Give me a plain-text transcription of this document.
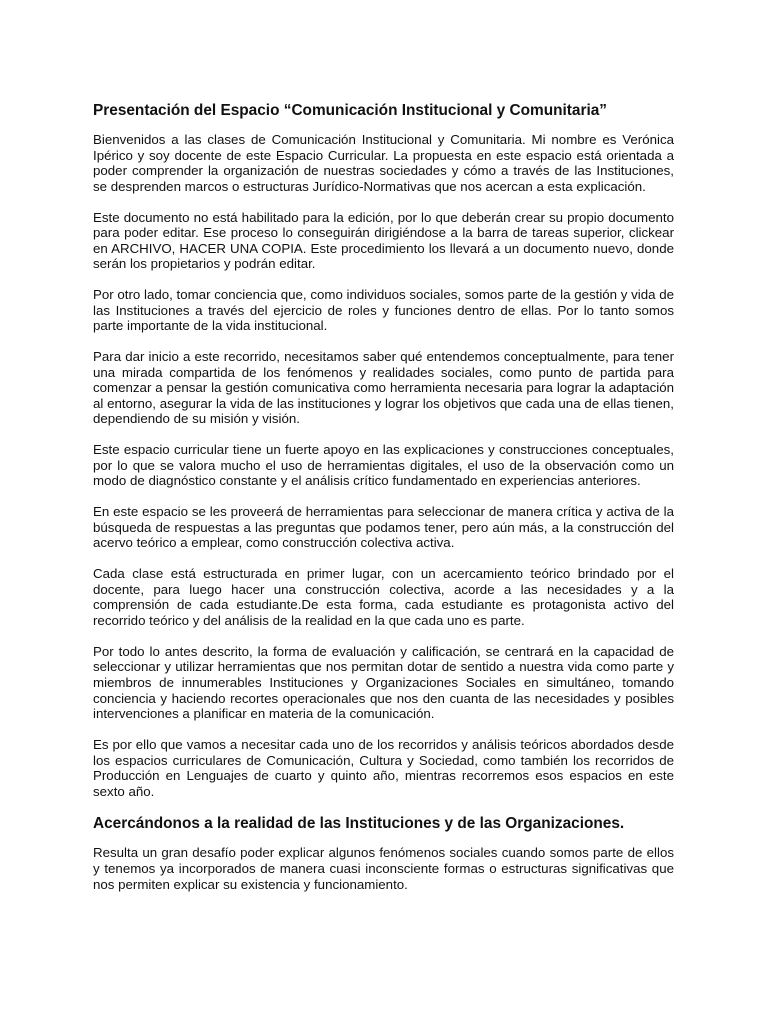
Presentación del Espacio “Comunicación Institucional y Comunitaria”

Bienvenidos a las clases de Comunicación Institucional y Comunitaria. Mi nombre es Verónica Ipérico y soy docente de este Espacio Curricular. La propuesta en este espacio está orientada a poder comprender la organización de nuestras sociedades y cómo a través de las Instituciones, se desprenden marcos o estructuras Jurídico-Normativas que nos acercan a esta explicación.

Este documento no está habilitado para la edición, por lo que deberán crear su propio documento para poder editar. Ese proceso lo conseguirán dirigiéndose a la barra de tareas superior, clickear en ARCHIVO, HACER UNA COPIA. Este procedimiento los llevará a un documento nuevo, donde serán los propietarios y podrán editar.

Por otro lado, tomar conciencia que, como individuos sociales, somos parte de la gestión y vida de las Instituciones a través del ejercicio de roles y funciones dentro de ellas. Por lo tanto somos parte importante de la vida institucional.

Para dar inicio a este recorrido, necesitamos saber qué entendemos conceptualmente, para tener una mirada compartida de los fenómenos y realidades sociales, como punto de partida para comenzar a pensar la gestión comunicativa como herramienta necesaria para lograr la adaptación al entorno, asegurar la vida de las instituciones y lograr los objetivos que cada una de ellas tienen, dependiendo de su misión y visión.

Este espacio curricular tiene un fuerte apoyo en las explicaciones y construcciones conceptuales, por lo que se valora mucho el uso de herramientas digitales, el uso de la observación como un modo de diagnóstico constante y el análisis crítico fundamentado en experiencias anteriores.

En este espacio se les proveerá de herramientas para seleccionar de manera crítica y activa de la búsqueda de respuestas a las preguntas que podamos tener, pero aún más, a la construcción del acervo teórico a emplear, como construcción colectiva activa.

Cada clase está estructurada en primer lugar, con un acercamiento teórico brindado por el docente, para luego hacer una construcción colectiva, acorde a las necesidades y a la comprensión de cada estudiante.De esta forma, cada estudiante es protagonista activo del recorrido teórico y del análisis de la realidad en la que cada uno es parte.

Por todo lo antes descrito, la forma de evaluación y calificación, se centrará en la capacidad de seleccionar y utilizar herramientas que nos permitan dotar de sentido a nuestra vida como parte y miembros de innumerables Instituciones y Organizaciones Sociales en simultáneo, tomando conciencia y haciendo recortes operacionales que nos den cuanta de las necesidades y posibles intervenciones a planificar en materia de la comunicación.

Es por ello que vamos a necesitar cada uno de los recorridos y análisis teóricos abordados desde los espacios curriculares de Comunicación, Cultura y Sociedad, como también los recorridos de Producción en Lenguajes de cuarto y quinto año, mientras recorremos esos espacios en este sexto año.

Acercándonos a la realidad de las Instituciones y de las Organizaciones.

Resulta un gran desafío poder explicar algunos fenómenos sociales cuando somos parte de ellos y tenemos ya incorporados de manera cuasi inconsciente formas o estructuras significativas que nos permiten explicar su existencia y funcionamiento.
